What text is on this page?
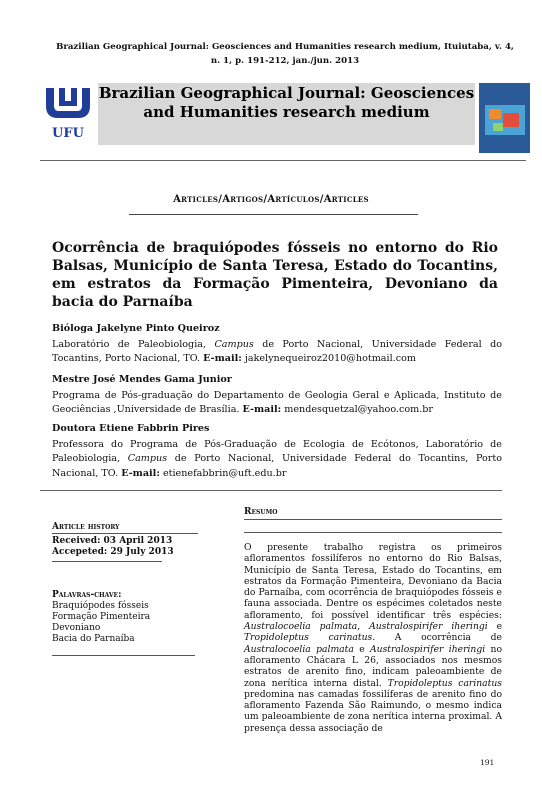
Brazilian Geographical Journal: Geosciences and Humanities research medium, Ituiutaba, v. 4,
n. 1, p. 191-212, jan./jun. 2013
UFU
Brazilian Geographical Journal: Geosciences and Humanities research medium
Articles/Artigos/Artículos/Articles
Ocorrência de braquiópodes fósseis no entorno do Rio Balsas, Município de Santa Teresa, Estado do Tocantins, em estratos da Formação Pimenteira, Devoniano da bacia do Parnaíba
Bióloga Jakelyne Pinto Queiroz
Laboratório de Paleobiologia, Campus de Porto Nacional, Universidade Federal do Tocantins, Porto Nacional, TO. E-mail: jakelynequeiroz2010@hotmail.com
Mestre José Mendes Gama Junior
Programa de Pós-graduação do Departamento de Geologia Geral e Aplicada, Instituto de Geociências ,Universidade de Brasília. E-mail: mendesquetzal@yahoo.com.br
Doutora Etiene Fabbrin Pires
Professora do Programa de Pós-Graduação de Ecologia de Ecótonos, Laboratório de Paleobiologia, Campus de Porto Nacional, Universidade Federal do Tocantins, Porto Nacional, TO. E-mail: etienefabbrin@uft.edu.br
Article history
Received: 03 April 2013
Accepeted: 29 July 2013
Palavras-chave:
Braquiópodes fósseis
Formação Pimenteira
Devoniano
Bacia do Parnaíba
Resumo
O presente trabalho registra os primeiros afloramentos fossilíferos no entorno do Rio Balsas, Município de Santa Teresa, Estado do Tocantins, em estratos da Formação Pimenteira, Devoniano da Bacia do Parnaíba, com ocorrência de braquiópodes fósseis e fauna associada. Dentre os espécimes coletados neste afloramento, foi possível identificar três espécies: Australocoelia palmata, Australospirifer iheringi e Tropidoleptus carinatus. A ocorrência de Australocoelia palmata e Australospirifer iheringi no afloramento Chácara L 26, associados nos mesmos estratos de arenito fino, indicam paleoambiente de zona nerítica interna distal. Tropidoleptus carinatus predomina nas camadas fossilíferas de arenito fino do afloramento Fazenda São Raimundo, o mesmo indica um paleoambiente de zona nerítica interna proximal. A presença dessa associação de
191
